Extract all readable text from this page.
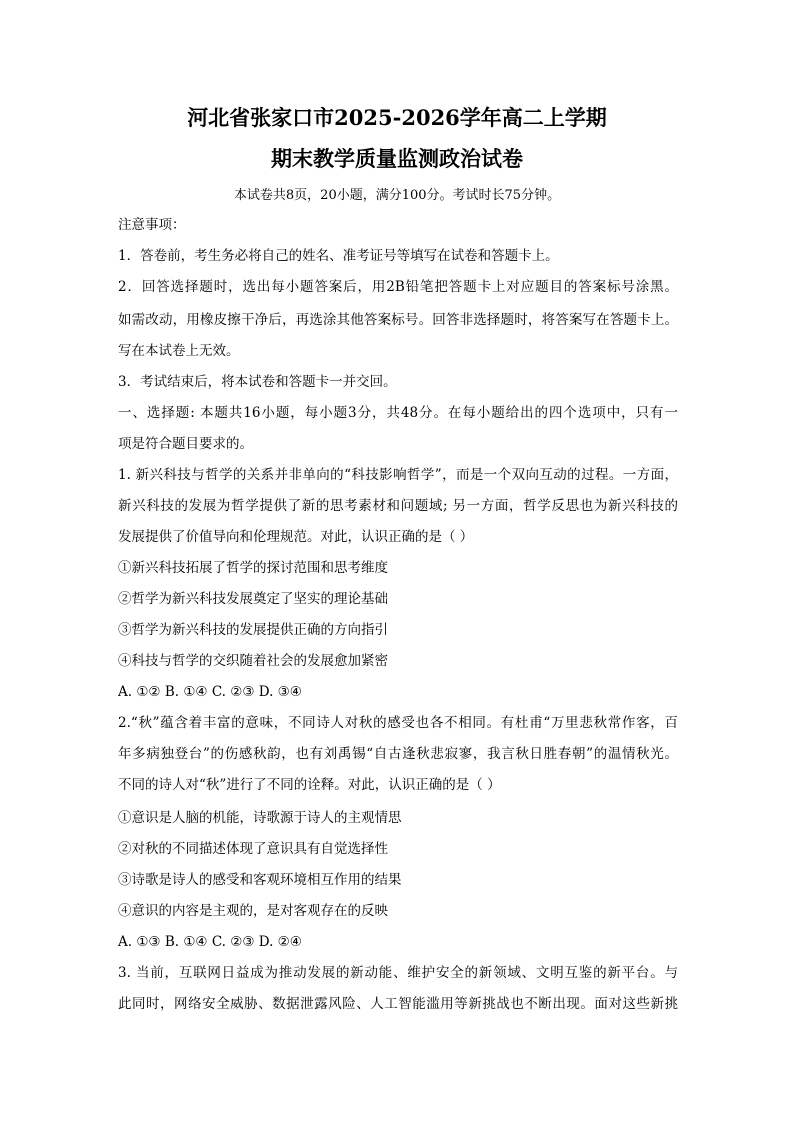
河北省张家口市2025-2026学年高二上学期
期末教学质量监测政治试卷
本试卷共8页，20小题，满分100分。考试时长75分钟。
注意事项：
1．答卷前，考生务必将自己的姓名、准考证号等填写在试卷和答题卡上。
2．回答选择题时，选出每小题答案后，用2B铅笔把答题卡上对应题目的答案标号涂黑。
如需改动，用橡皮擦干净后，再选涂其他答案标号。回答非选择题时，将答案写在答题卡上。
写在本试卷上无效。
3．考试结束后，将本试卷和答题卡一并交回。
一、选择题: 本题共16小题，每小题3分，共48分。在每小题给出的四个选项中，只有一
项是符合题目要求的。
1. 新兴科技与哲学的关系并非单向的“科技影响哲学”，而是一个双向互动的过程。一方面，
新兴科技的发展为哲学提供了新的思考素材和问题域; 另一方面，哲学反思也为新兴科技的
发展提供了价值导向和伦理规范。对此，认识正确的是（ ）
①新兴科技拓展了哲学的探讨范围和思考维度
②哲学为新兴科技发展奠定了坚实的理论基础
③哲学为新兴科技的发展提供正确的方向指引
④科技与哲学的交织随着社会的发展愈加紧密
A. ①② B. ①④ C. ②③ D. ③④
2.“秋”蕴含着丰富的意味，不同诗人对秋的感受也各不相同。有杜甫“万里悲秋常作客，百
年多病独登台”的伤感秋韵，也有刘禹锡“自古逢秋悲寂寥，我言秋日胜春朝”的温情秋光。
不同的诗人对“秋”进行了不同的诠释。对此，认识正确的是（ ）
①意识是人脑的机能，诗歌源于诗人的主观情思
②对秋的不同描述体现了意识具有自觉选择性
③诗歌是诗人的感受和客观环境相互作用的结果
④意识的内容是主观的，是对客观存在的反映
A. ①③ B. ①④ C. ②③ D. ②④
3. 当前，互联网日益成为推动发展的新动能、维护安全的新领域、文明互鉴的新平台。与
此同时，网络安全威胁、数据泄露风险、人工智能滥用等新挑战也不断出现。面对这些新挑
